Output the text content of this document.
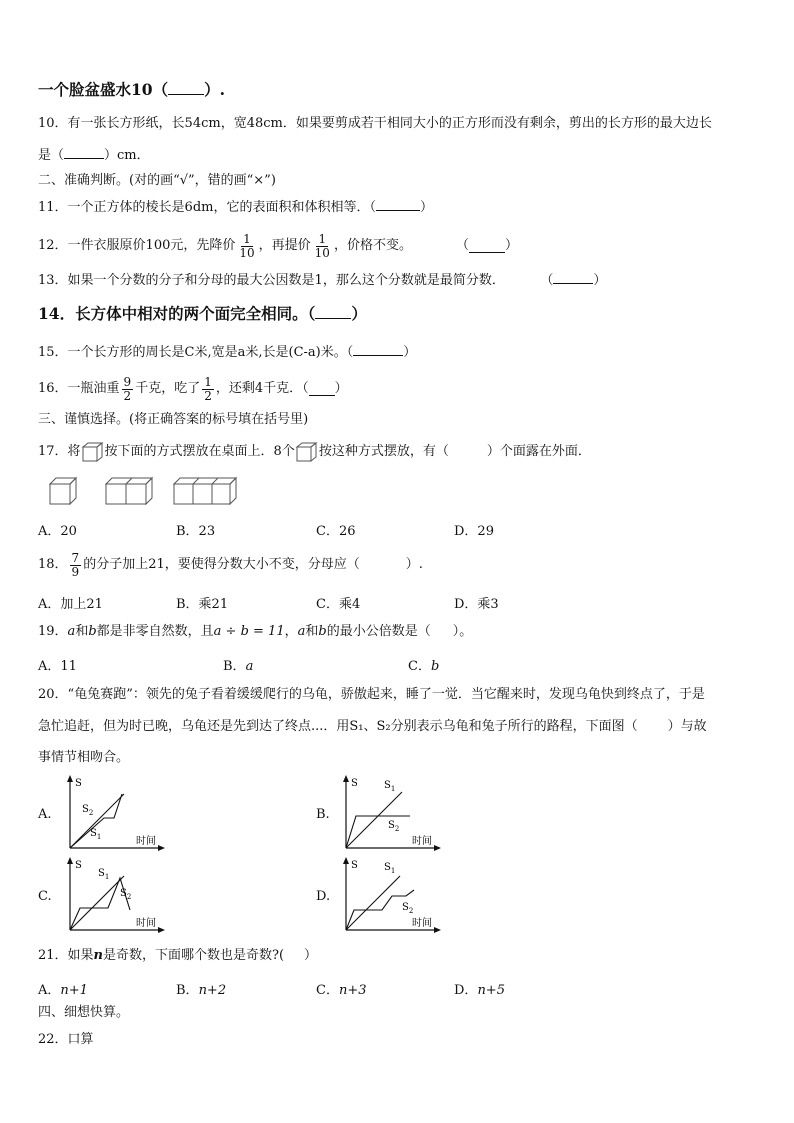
一个脸盆盛水10（ ）.
10．有一张长方形纸，长54cm，宽48cm．如果要剪成若干相同大小的正方形而没有剩余，剪出的长方形的最大边长
是（	）cm．
二、准确判断。(对的画“√”，错的画“×”)
11．一个正方体的棱长是6dm，它的表面积和体积相等．（	）
12．一件衣服原价100元，先降价 $\frac{1}{10}$ ，再提价 $\frac{1}{10}$ ，价格不变。	（	）
13．如果一个分数的分子和分母的最大公因数是1，那么这个分数就是最简分数．	（	）
14．长方体中相对的两个面完全相同。（ ）
15．一个长方形的周长是C米,宽是a米,长是(C-a)米。（	）
16．一瓶油重 $\frac{9}{2}$ 千克，吃了 $\frac{1}{2}$ ，还剩4千克．（ ）
三、谨慎选择。(将正确答案的标号填在括号里)
17．将 按下面的方式摆放在桌面上．8个 按这种方式摆放，有（	）个面露在外面．
A．20	B．23	C．26	D．29
18． $\frac{7}{9}$ 的分子加上21，要使得分数大小不变，分母应（	）.
A．加上21	B．乘21	C．乘4	D．乘3
19．a和b都是非零自然数，且a ÷ b = 11，a和b的最小公倍数是（ ）。
A．11	B．a	C．b
20．“龟兔赛跑”：领先的兔子看着缓缓爬行的乌龟，骄傲起来，睡了一觉．当它醒来时，发现乌龟快到终点了，于是
急忙追赶，但为时已晚，乌龟还是先到达了终点...．用S₁、S₂分别表示乌龟和兔子所行的路程，下面图（ ）与故
事情节相吻合。
A.
S
时间
$S_2$
$S_1$
B.
S
时间
$S_1$
$S_2$
C.
S
时间
$S_1$
$S_2$	D.
S
时间
$S_1$
$S_2$
21．如果n是奇数，下面哪个数也是奇数?( ）
A．n+1	B．n+2	C．n+3	D．n+5
四、细想快算。
22．口算
